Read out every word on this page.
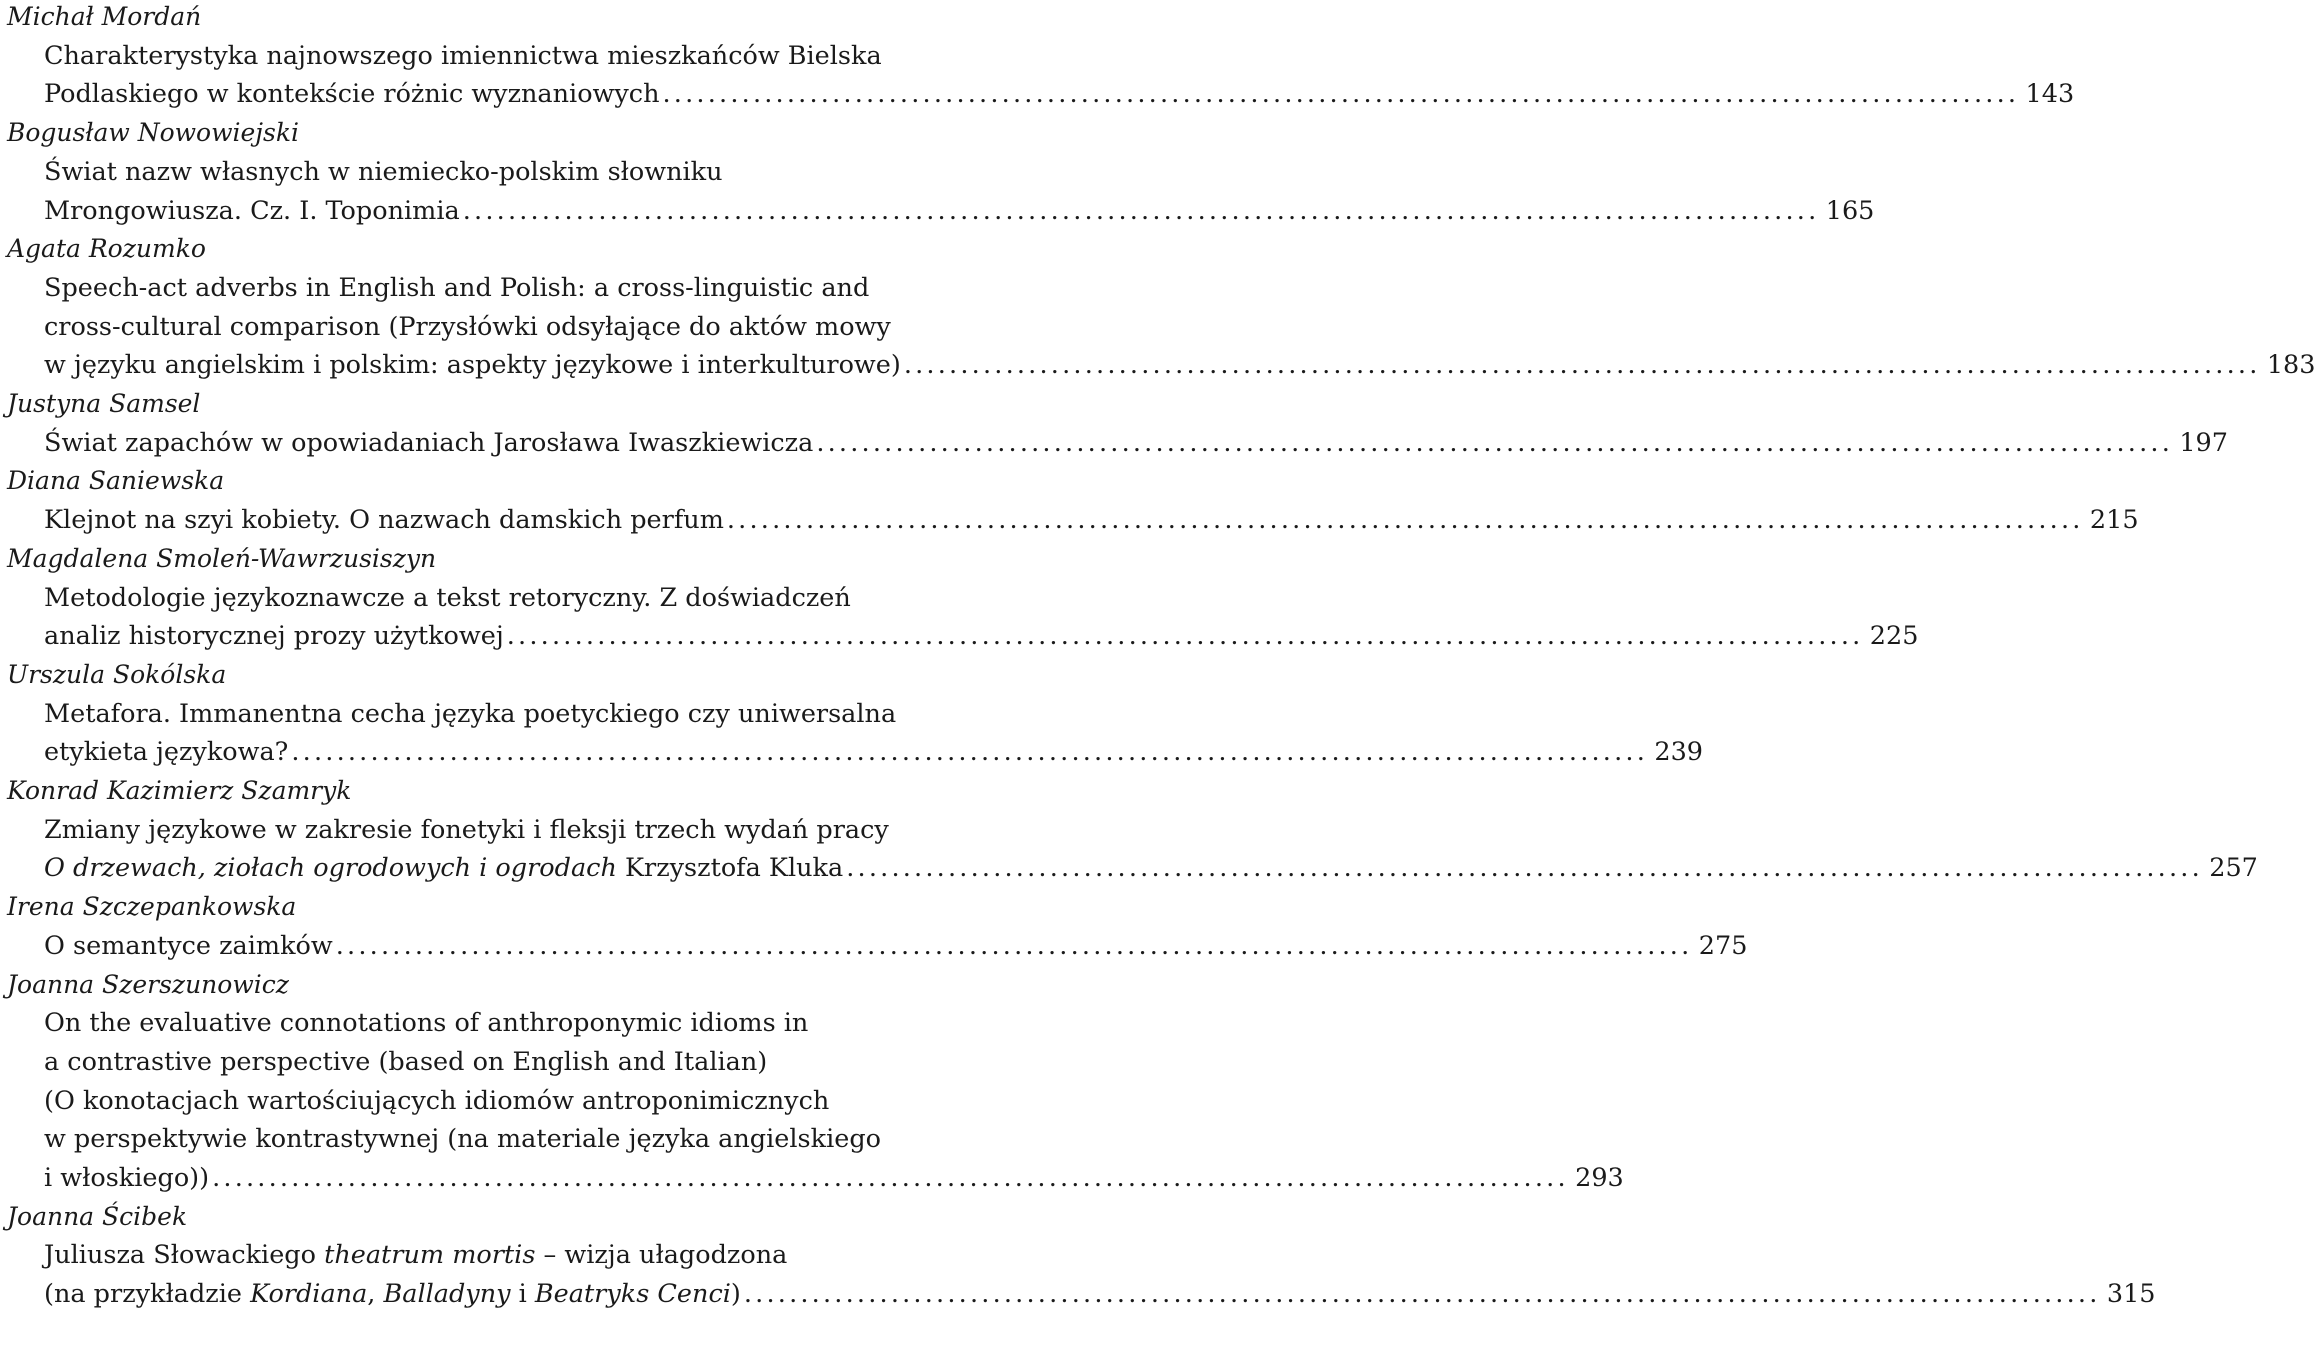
Michał Mordań
Charakterystyka najnowszego imiennictwa mieszkańców Bielska
Podlaskiego w kontekście różnic wyznaniowych ........................................................................................................................ 143
Bogusław Nowowiejski
Świat nazw własnych w niemiecko-polskim słowniku
Mrongowiusza. Cz. I. Toponimia ........................................................................................................................ 165
Agata Rozumko
Speech-act adverbs in English and Polish: a cross-linguistic and
cross-cultural comparison (Przysłówki odsyłające do aktów mowy
w języku angielskim i polskim: aspekty językowe i interkulturowe) ........................................................................................................................ 183
Justyna Samsel
Świat zapachów w opowiadaniach Jarosława Iwaszkiewicza ........................................................................................................................ 197
Diana Saniewska
Klejnot na szyi kobiety. O nazwach damskich perfum ........................................................................................................................ 215
Magdalena Smoleń-Wawrzusiszyn
Metodologie językoznawcze a tekst retoryczny. Z doświadczeń
analiz historycznej prozy użytkowej ........................................................................................................................ 225
Urszula Sokólska
Metafora. Immanentna cecha języka poetyckiego czy uniwersalna
etykieta językowa? ........................................................................................................................ 239
Konrad Kazimierz Szamryk
Zmiany językowe w zakresie fonetyki i fleksji trzech wydań pracy
O drzewach, ziołach ogrodowych i ogrodach Krzysztofa Kluka ........................................................................................................................ 257
Irena Szczepankowska
O semantyce zaimków ........................................................................................................................ 275
Joanna Szerszunowicz
On the evaluative connotations of anthroponymic idioms in
a contrastive perspective (based on English and Italian)
(O konotacjach wartościujących idiomów antroponimicznych
w perspektywie kontrastywnej (na materiale języka angielskiego
i włoskiego)) ........................................................................................................................ 293
Joanna Ścibek
Juliusza Słowackiego theatrum mortis – wizja ułagodzona
(na przykładzie Kordiana, Balladyny i Beatryks Cenci) ........................................................................................................................ 315
